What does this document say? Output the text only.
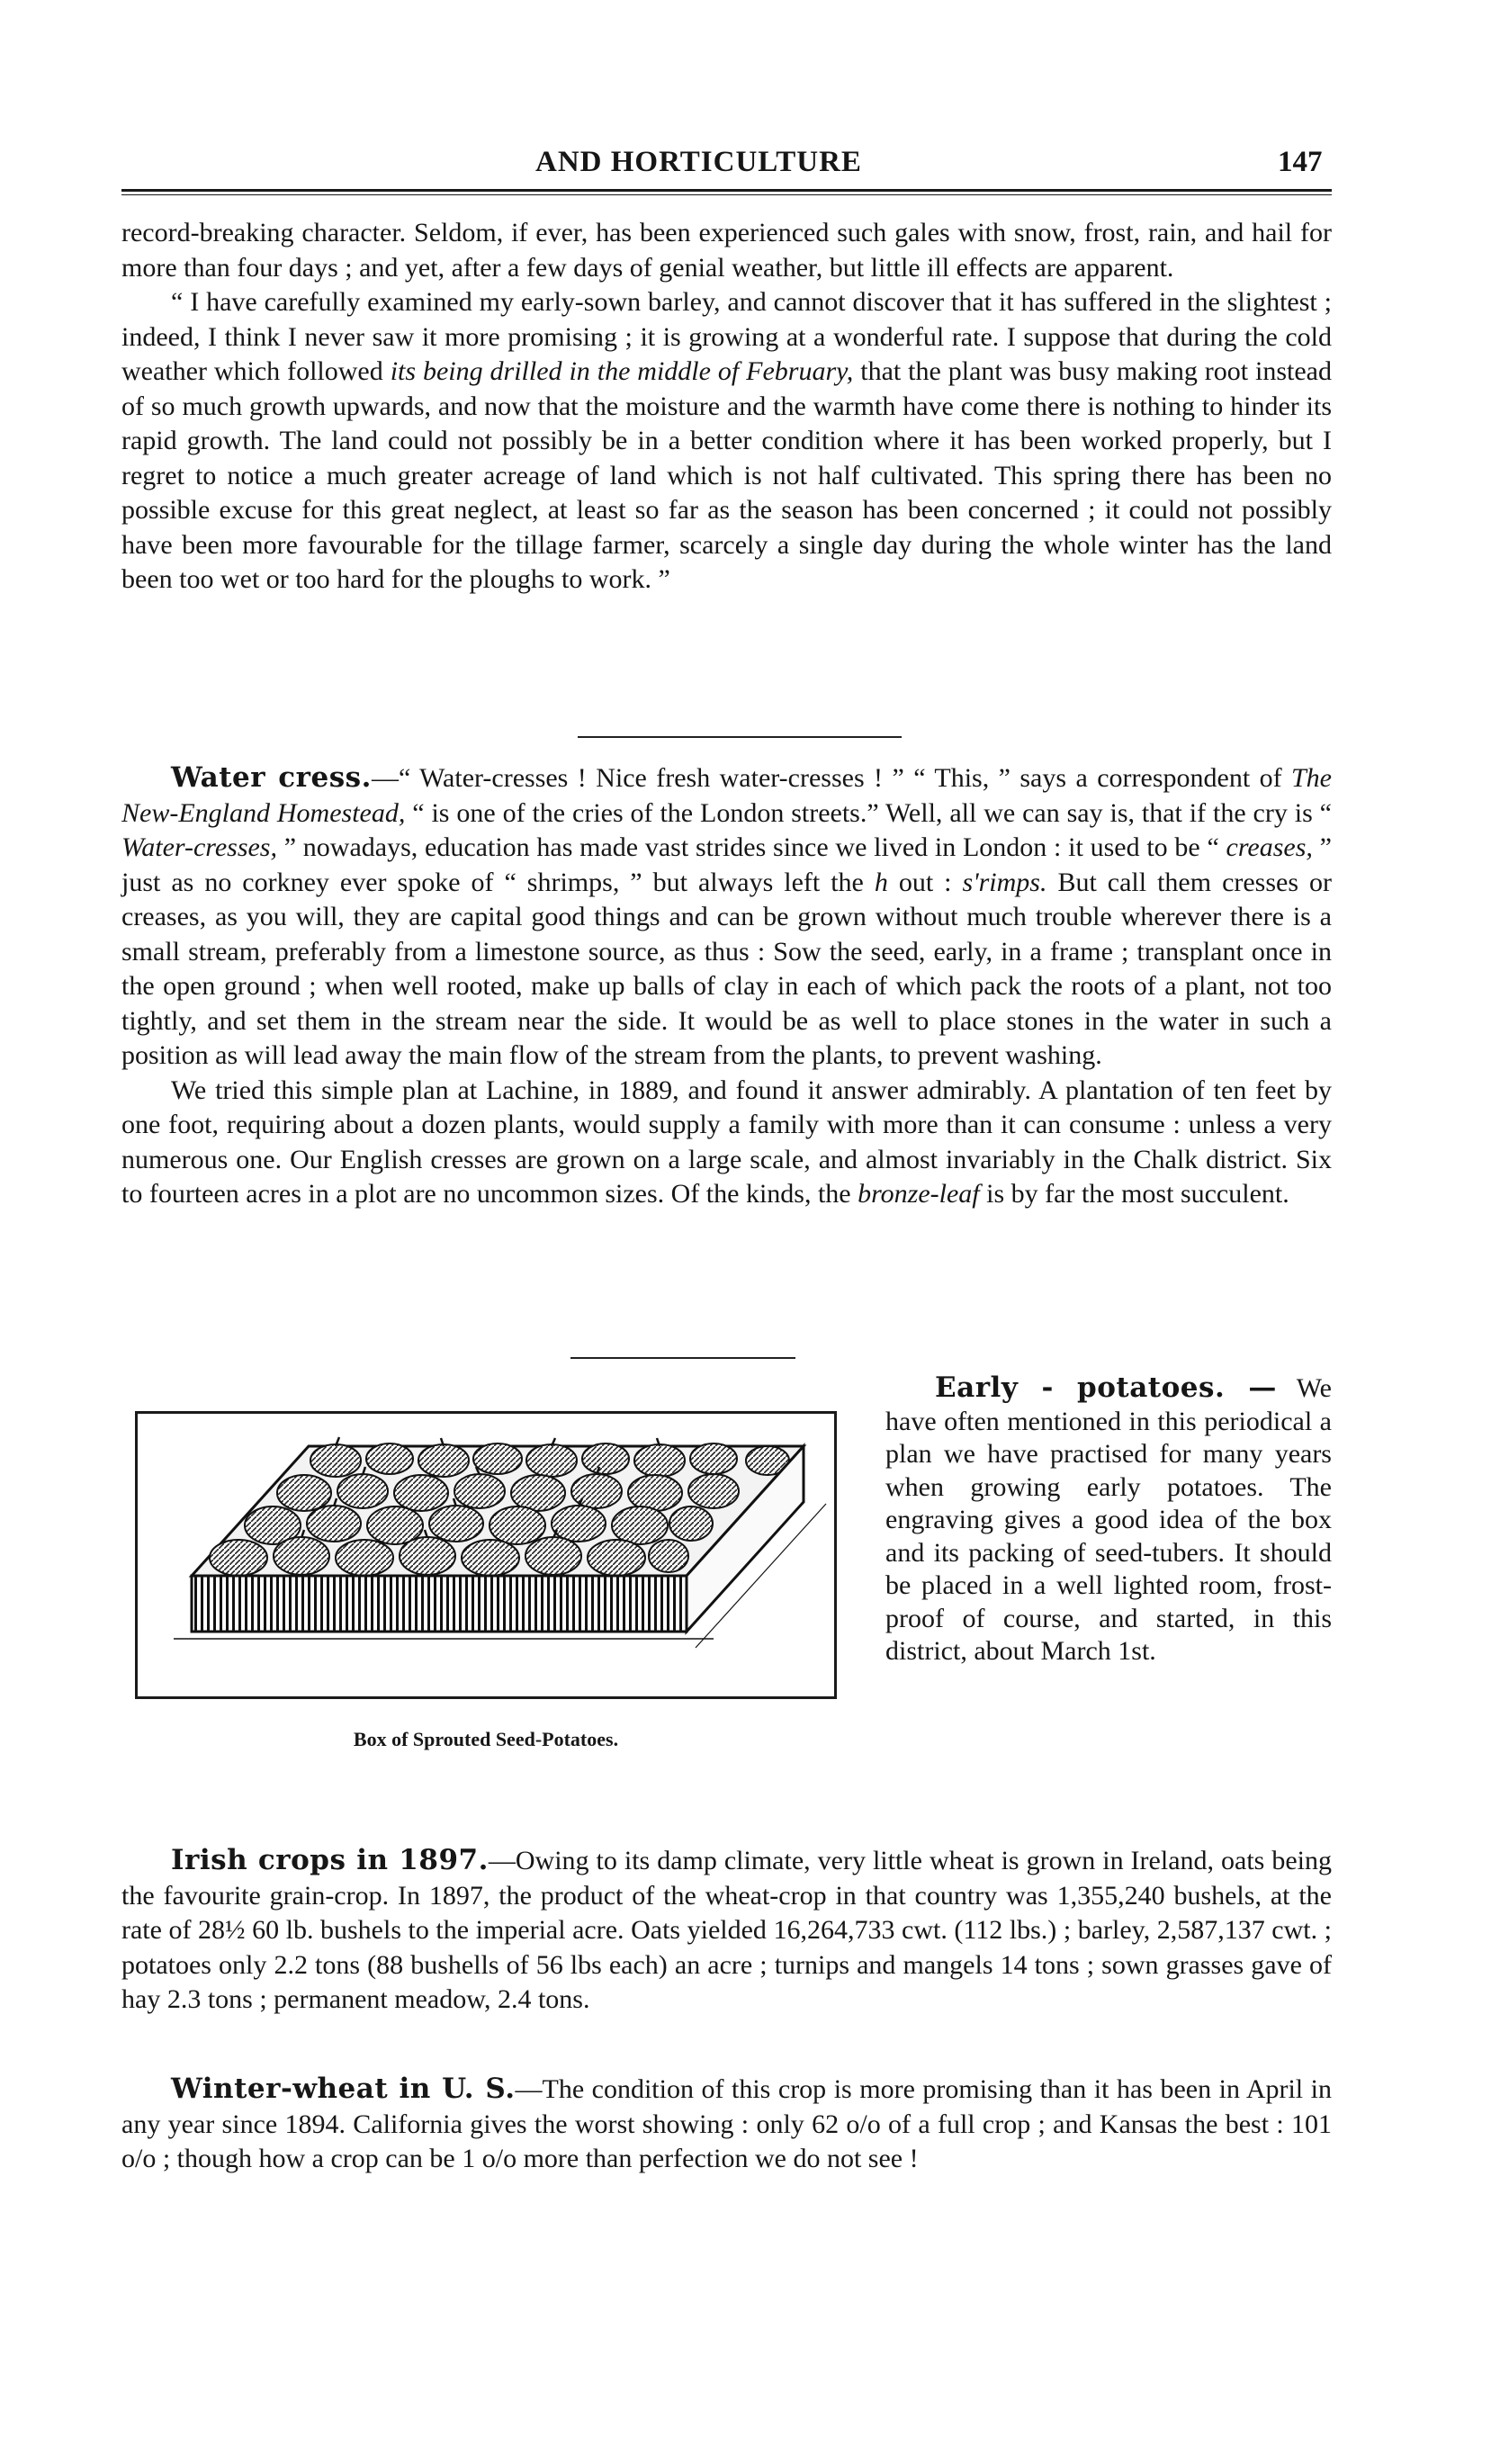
AND HORTICULTURE	147

record-breaking character. Seldom, if ever, has been experienced such gales with snow, frost, rain, and hail for more than four days ; and yet, after a few days of genial weather, but little ill effects are apparent.

“ I have carefully examined my early-sown barley, and cannot discover that it has suffered in the slightest ; indeed, I think I never saw it more promising ; it is growing at a wonderful rate. I suppose that during the cold weather which followed its being drilled in the middle of February, that the plant was busy making root instead of so much growth upwards, and now that the moisture and the warmth have come there is nothing to hinder its rapid growth. The land could not possibly be in a better condition where it has been worked properly, but I regret to notice a much greater acreage of land which is not half cultivated. This spring there has been no possible excuse for this great neglect, at least so far as the season has been concerned ; it could not possibly have been more favourable for the tillage farmer, scarcely a single day during the whole winter has the land been too wet or too hard for the ploughs to work. ”

Water cress.—“ Water-cresses ! Nice fresh water-cresses ! ” “ This, ” says a correspondent of The New-England Homestead, “ is one of the cries of the London streets.” Well, all we can say is, that if the cry is “ Water-cresses, ” nowadays, education has made vast strides since we lived in London : it used to be “ creases, ” just as no corkney ever spoke of “ shrimps, ” but always left the h out : s'rimps. But call them cresses or creases, as you will, they are capital good things and can be grown without much trouble wherever there is a small stream, preferably from a limestone source, as thus : Sow the seed, early, in a frame ; transplant once in the open ground ; when well rooted, make up balls of clay in each of which pack the roots of a plant, not too tightly, and set them in the stream near the side. It would be as well to place stones in the water in such a position as will lead away the main flow of the stream from the plants, to prevent washing.

We tried this simple plan at Lachine, in 1889, and found it answer admirably. A plantation of ten feet by one foot, requiring about a dozen plants, would supply a family with more than it can consume : unless a very numerous one. Our English cresses are grown on a large scale, and almost invariably in the Chalk district. Six to fourteen acres in a plot are no uncommon sizes. Of the kinds, the bronze-leaf is by far the most succulent.

Box of Sprouted Seed-Potatoes.

Early - potatoes. — We have often mentioned in this periodical a plan we have practised for many years when growing early potatoes. The engraving gives a good idea of the box and its packing of seed-tubers. It should be placed in a well lighted room, frost-proof of course, and started, in this district, about March 1st.

Irish crops in 1897.—Owing to its damp climate, very little wheat is grown in Ireland, oats being the favourite grain-crop. In 1897, the product of the wheat-crop in that country was 1,355,240 bushels, at the rate of 28½ 60 lb. bushels to the imperial acre. Oats yielded 16,264,733 cwt. (112 lbs.) ; barley, 2,587,137 cwt. ; potatoes only 2.2 tons (88 bushells of 56 lbs each) an acre ; turnips and mangels 14 tons ; sown grasses gave of hay 2.3 tons ; permanent meadow, 2.4 tons.

Winter-wheat in U. S.—The condition of this crop is more promising than it has been in April in any year since 1894. California gives the worst showing : only 62 o/o of a full crop ; and Kansas the best : 101 o/o ; though how a crop can be 1 o/o more than perfection we do not see !
